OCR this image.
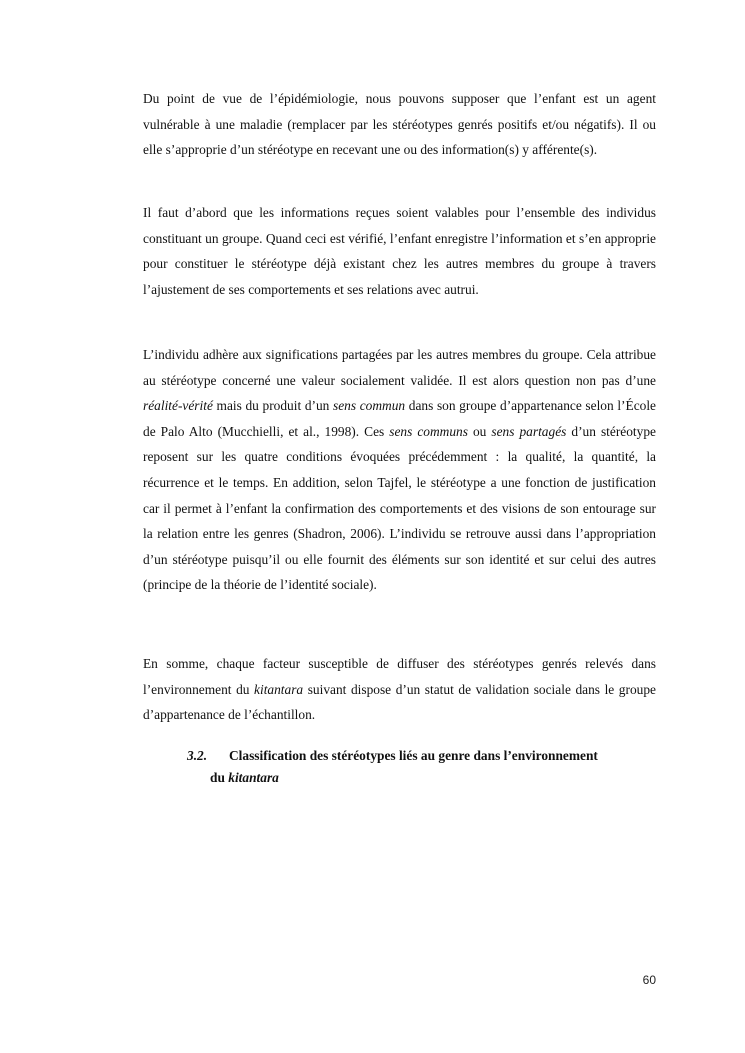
Du point de vue de l’épidémiologie, nous pouvons supposer que l’enfant est un agent vulnérable à une maladie (remplacer par les stéréotypes genrés positifs et/ou négatifs). Il ou elle s’approprie d’un stéréotype en recevant une ou des information(s) y afférente(s).

Il faut d’abord que les informations reçues soient valables pour l’ensemble des individus constituant un groupe. Quand ceci est vérifié, l’enfant enregistre l’information et s’en approprie pour constituer le stéréotype déjà existant chez les autres membres du groupe à travers l’ajustement de ses comportements et ses relations avec autrui.

L’individu adhère aux significations partagées par les autres membres du groupe. Cela attribue au stéréotype concerné une valeur socialement validée. Il est alors question non pas d’une réalité-vérité mais du produit d’un sens commun dans son groupe d’appartenance selon l’École de Palo Alto (Mucchielli, et al., 1998). Ces sens communs ou sens partagés d’un stéréotype reposent sur les quatre conditions évoquées précédemment : la qualité, la quantité, la récurrence et le temps. En addition, selon Tajfel, le stéréotype a une fonction de justification car il permet à l’enfant la confirmation des comportements et des visions de son entourage sur la relation entre les genres (Shadron, 2006). L’individu se retrouve aussi dans l’appropriation d’un stéréotype puisqu’il ou elle fournit des éléments sur son identité et sur celui des autres (principe de la théorie de l’identité sociale).

En somme, chaque facteur susceptible de diffuser des stéréotypes genrés relevés dans l’environnement du kitantara suivant dispose d’un statut de validation sociale dans le groupe d’appartenance de l’échantillon.

3.2. Classification des stéréotypes liés au genre dans l’environnement
du kitantara
60
